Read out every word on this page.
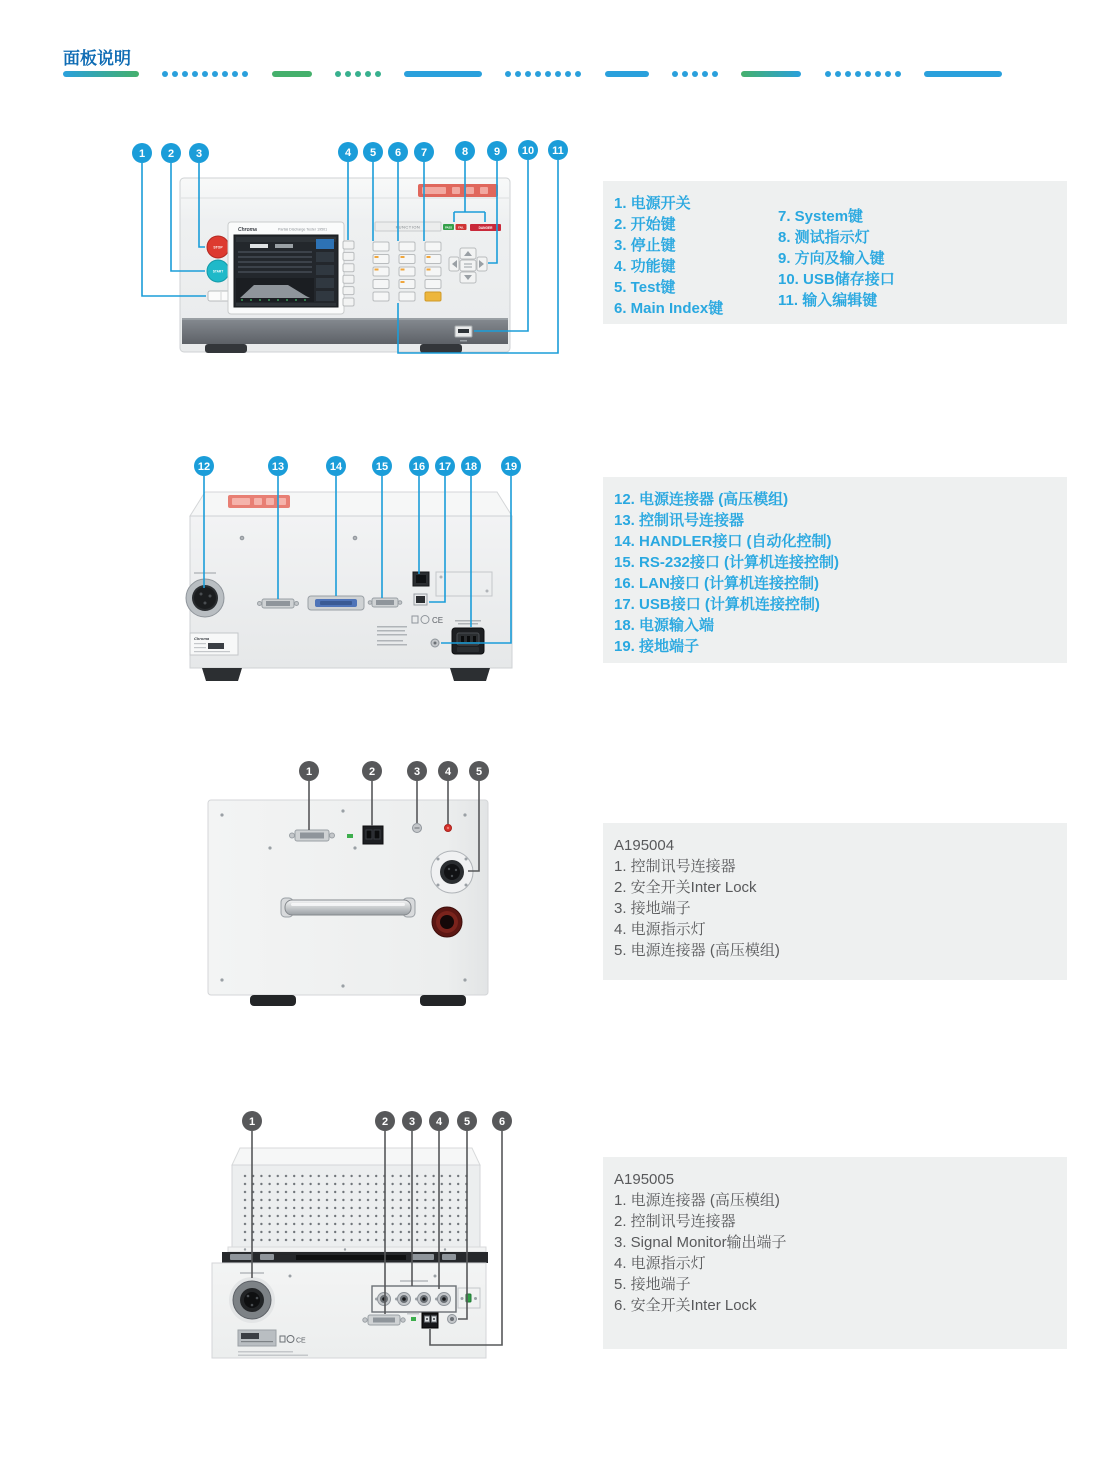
面板说明
STOP
START
Chroma	Partial Discharge Tester 19501	FUNCTION	PASS FAIL	DANGER
1 2 3	4 5 6 7	8 9 10 11
CE
Chroma
12	13	14	15 16 17 18	19
1	2	3 4 5
CE
1	2 3 4 5	6

1. 电源开关

2. 开始键

3. 停止键

4. 功能键

5. Test键

6. Main Index键

7. System键

8. 测试指示灯

9. 方向及输入键

10. USB储存接口

11. 输入编辑键

12. 电源连接器 (高压模组)

13. 控制讯号连接器

14. HANDLER接口 (自动化控制)

15. RS-232接口 (计算机连接控制)

16. LAN接口 (计算机连接控制)

17. USB接口 (计算机连接控制)

18. 电源输入端

19. 接地端子

A195004

1. 控制讯号连接器

2. 安全开关Inter Lock

3. 接地端子

4. 电源指示灯

5. 电源连接器 (高压模组)

A195005

1. 电源连接器 (高压模组)

2. 控制讯号连接器

3. Signal Monitor输出端子

4. 电源指示灯

5. 接地端子

6. 安全开关Inter Lock
